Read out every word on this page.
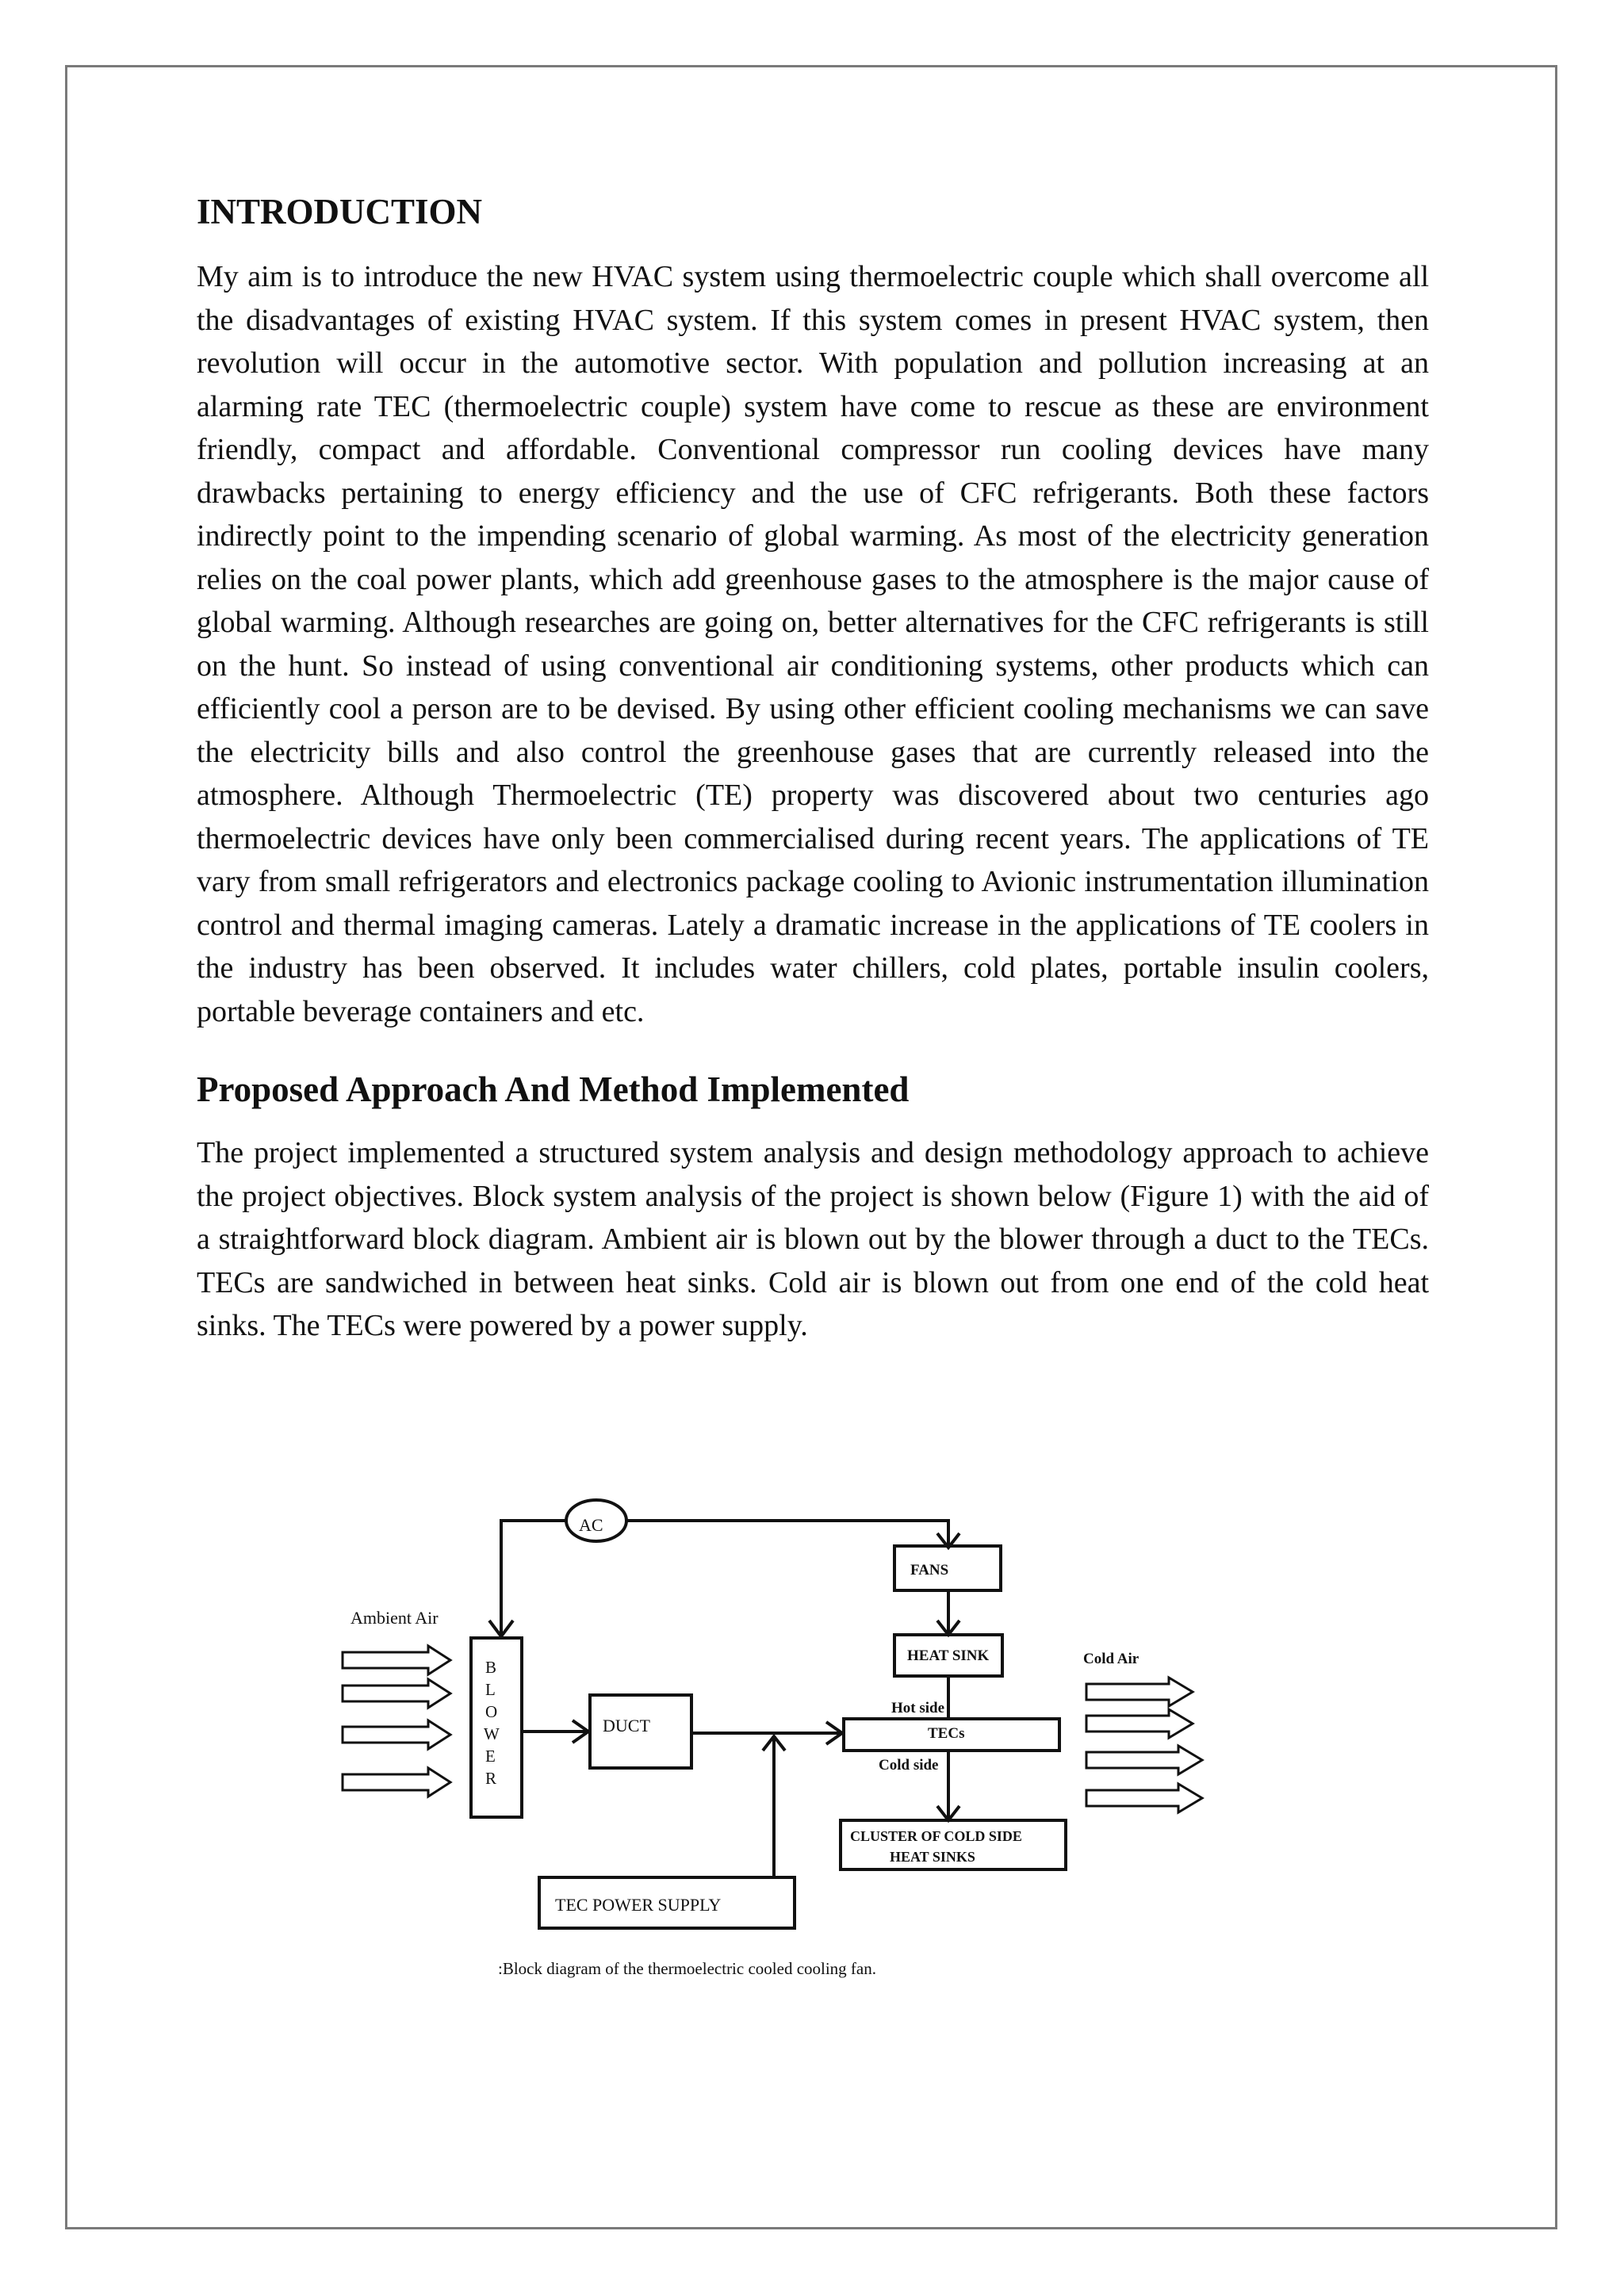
INTRODUCTION

My aim is to introduce the new HVAC system using thermoelectric couple which shall overcome all the disadvantages of existing HVAC system. If this system comes in present HVAC system, then revolution will occur in the automotive sector. With population and pollution increasing at an alarming rate TEC (thermoelectric couple) system have come to rescue as these are environment friendly, compact and affordable. Conventional compressor run cooling devices have many drawbacks pertaining to energy efficiency and the use of CFC refrigerants. Both these factors indirectly point to the impending scenario of global warming. As most of the electricity generation relies on the coal power plants, which add greenhouse gases to the atmosphere is the major cause of global warming. Although researches are going on, better alternatives for the CFC refrigerants is still on the hunt. So instead of using conventional air conditioning systems, other products which can efficiently cool a person are to be devised. By using other efficient cooling mechanisms we can save the electricity bills and also control the greenhouse gases that are currently released into the atmosphere. Although Thermoelectric (TE) property was discovered about two centuries ago thermoelectric devices have only been commercialised during recent years. The applications of TE vary from small refrigerators and electronics package cooling to Avionic instrumentation illumination control and thermal imaging cameras. Lately a dramatic increase in the applications of TE coolers in the industry has been observed. It includes water chillers, cold plates, portable insulin coolers, portable beverage containers and etc.

Proposed Approach And Method Implemented

The project implemented a structured system analysis and design methodology approach to achieve the project objectives. Block system analysis of the project is shown below (Figure 1) with the aid of a straightforward block diagram. Ambient air is blown out by the blower through a duct to the TECs. TECs are sandwiched in between heat sinks. Cold air is blown out from one end of the cold heat sinks. The TECs were powered by a power supply.

AC
FANS
Ambient Air
B
L
O
W
E
R
DUCT
HEAT SINK
Hot side
TECs
Cold side
Cold Air
CLUSTER OF COLD SIDE
HEAT SINKS
TEC POWER SUPPLY
:Block diagram of the thermoelectric cooled cooling fan.
